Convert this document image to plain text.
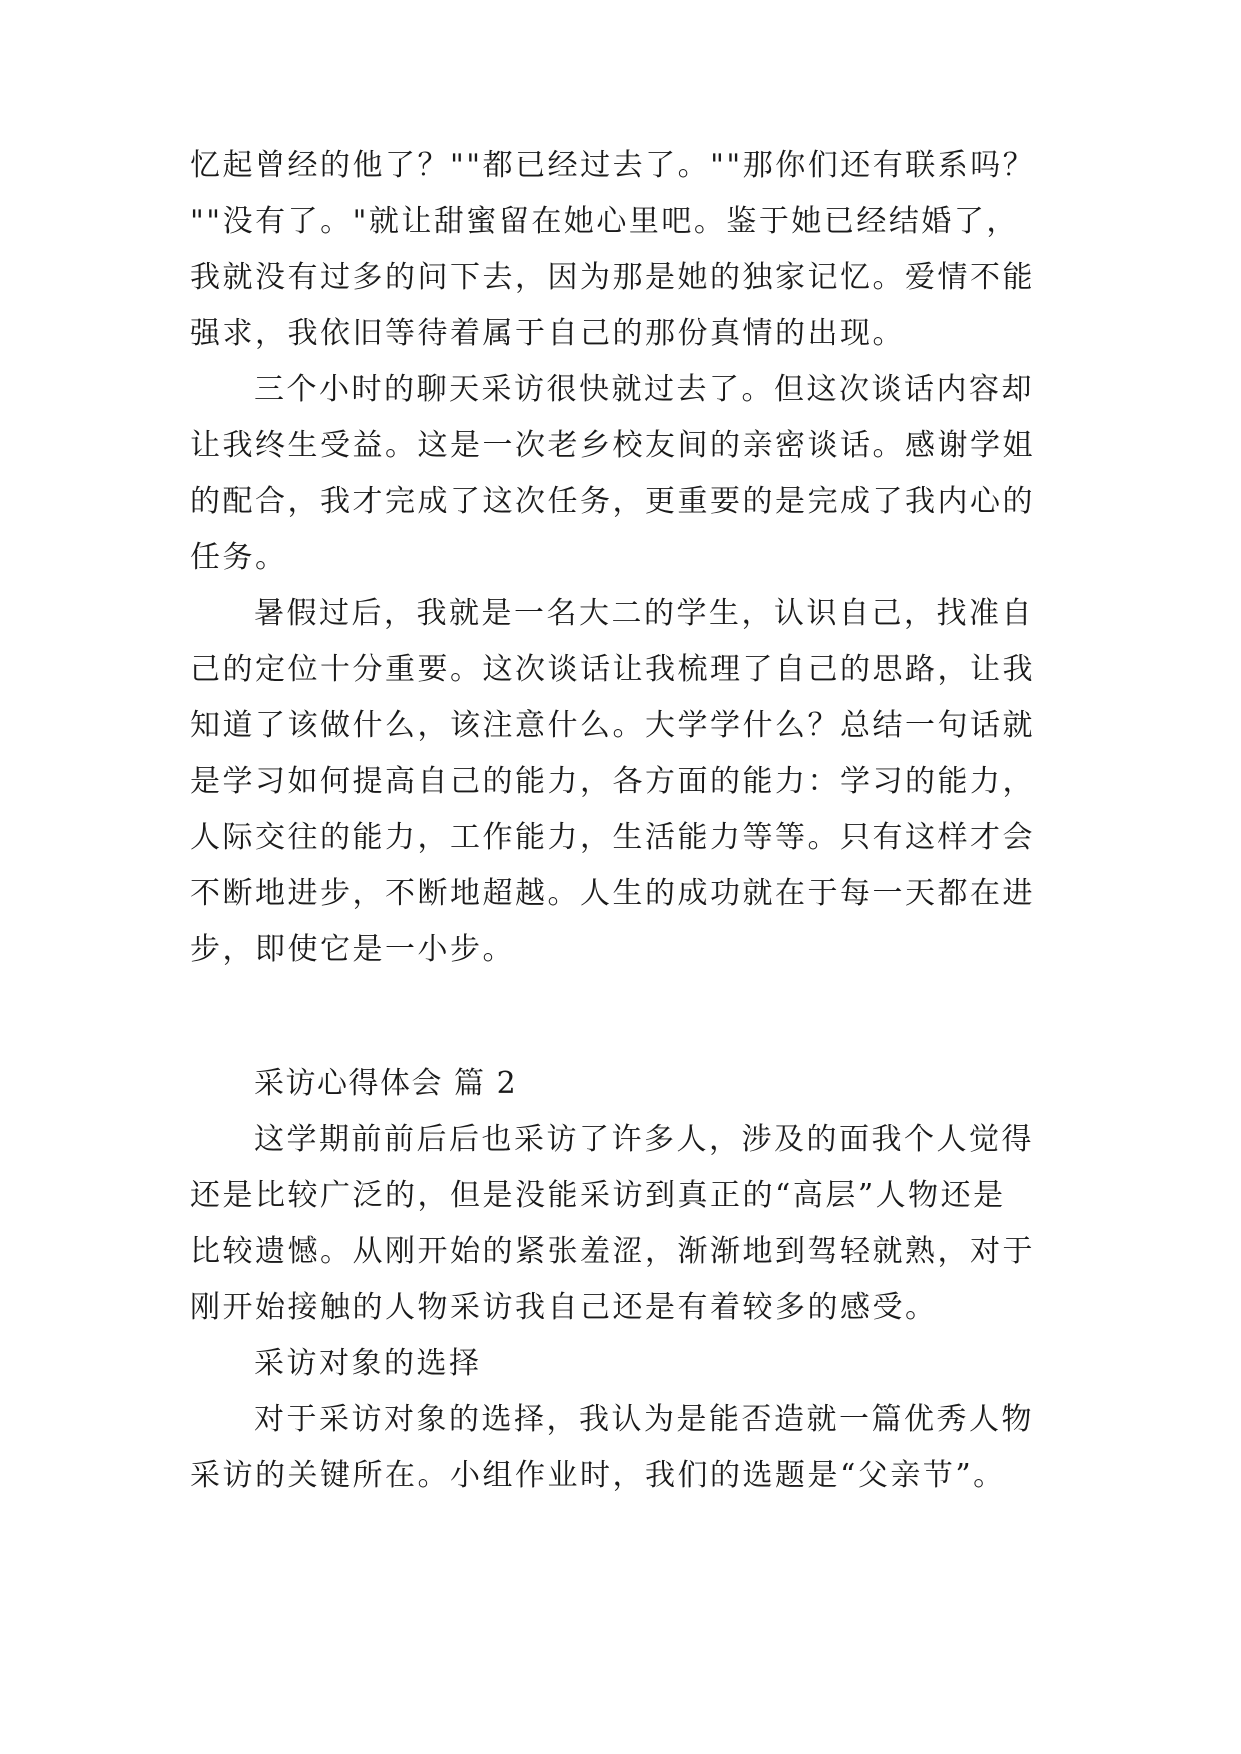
忆起曾经的他了？""都已经过去了。""那你们还有联系吗？
""没有了。"就让甜蜜留在她心里吧。鉴于她已经结婚了，
我就没有过多的问下去，因为那是她的独家记忆。爱情不能
强求，我依旧等待着属于自己的那份真情的出现。
三个小时的聊天采访很快就过去了。但这次谈话内容却
让我终生受益。这是一次老乡校友间的亲密谈话。感谢学姐
的配合，我才完成了这次任务，更重要的是完成了我内心的
任务。
暑假过后，我就是一名大二的学生，认识自己，找准自
己的定位十分重要。这次谈话让我梳理了自己的思路，让我
知道了该做什么，该注意什么。大学学什么？总结一句话就
是学习如何提高自己的能力，各方面的能力：学习的能力，
人际交往的能力，工作能力，生活能力等等。只有这样才会
不断地进步，不断地超越。人生的成功就在于每一天都在进
步，即使它是一小步。
采访心得体会 篇 2
这学期前前后后也采访了许多人，涉及的面我个人觉得
还是比较广泛的，但是没能采访到真正的“高层”人物还是
比较遗憾。从刚开始的紧张羞涩，渐渐地到驾轻就熟，对于
刚开始接触的人物采访我自己还是有着较多的感受。
采访对象的选择
对于采访对象的选择，我认为是能否造就一篇优秀人物
采访的关键所在。小组作业时，我们的选题是“父亲节”。
